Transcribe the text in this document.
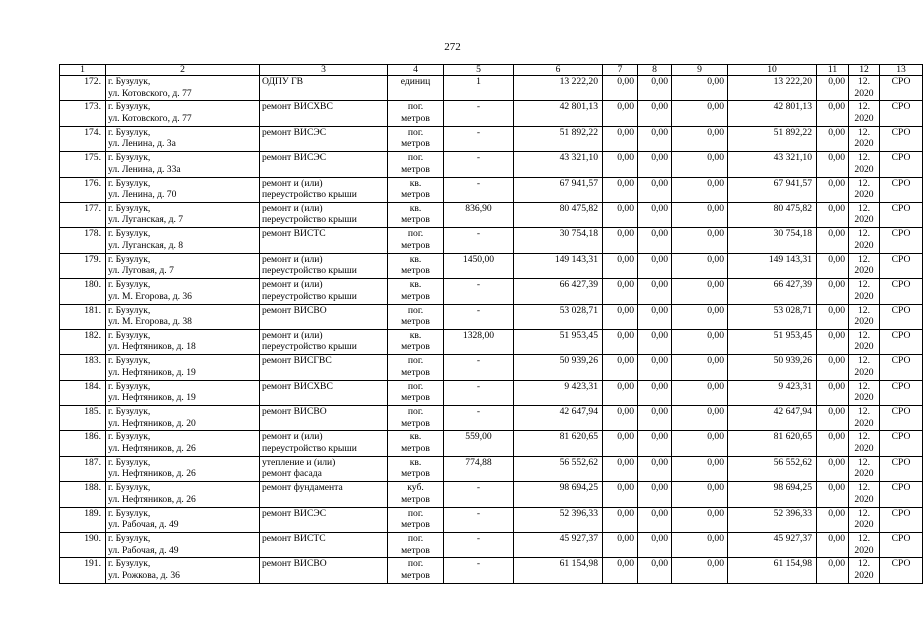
272
1	2	3	4	5	6	7	8	9	10	11	12	13

172.	г. Бузулук,
ул. Котовского, д. 77	ОДПУ ГВ	единиц	1	13 222,20	0,00	0,00	0,00	13 222,20	0,00	12.
2020	СРО

173.	г. Бузулук,
ул. Котовского, д. 77	ремонт ВИСХВС	пог.
метров	-	42 801,13	0,00	0,00	0,00	42 801,13	0,00	12.
2020	СРО

174.	г. Бузулук,
ул. Ленина, д. 3а	ремонт ВИСЭС	пог.
метров	-	51 892,22	0,00	0,00	0,00	51 892,22	0,00	12.
2020	СРО

175.	г. Бузулук,
ул. Ленина, д. 33а	ремонт ВИСЭС	пог.
метров	-	43 321,10	0,00	0,00	0,00	43 321,10	0,00	12.
2020	СРО

176.	г. Бузулук,
ул. Ленина, д. 70	ремонт и (или)
переустройство крыши	кв.
метров	-	67 941,57	0,00	0,00	0,00	67 941,57	0,00	12.
2020	СРО

177.	г. Бузулук,
ул. Луганская, д. 7	ремонт и (или)
переустройство крыши	кв.
метров	836,90	80 475,82	0,00	0,00	0,00	80 475,82	0,00	12.
2020	СРО

178.	г. Бузулук,
ул. Луганская, д. 8	ремонт ВИСТС	пог.
метров	-	30 754,18	0,00	0,00	0,00	30 754,18	0,00	12.
2020	СРО

179.	г. Бузулук,
ул. Луговая, д. 7	ремонт и (или)
переустройство крыши	кв.
метров	1450,00	149 143,31	0,00	0,00	0,00	149 143,31	0,00	12.
2020	СРО

180.	г. Бузулук,
ул. М. Егорова, д. 36	ремонт и (или)
переустройство крыши	кв.
метров	-	66 427,39	0,00	0,00	0,00	66 427,39	0,00	12.
2020	СРО

181.	г. Бузулук,
ул. М. Егорова, д. 38	ремонт ВИСВО	пог.
метров	-	53 028,71	0,00	0,00	0,00	53 028,71	0,00	12.
2020	СРО

182.	г. Бузулук,
ул. Нефтяников, д. 18	ремонт и (или)
переустройство крыши	кв.
метров	1328,00	51 953,45	0,00	0,00	0,00	51 953,45	0,00	12.
2020	СРО

183.	г. Бузулук,
ул. Нефтяников, д. 19	ремонт ВИСГВС	пог.
метров	-	50 939,26	0,00	0,00	0,00	50 939,26	0,00	12.
2020	СРО

184.	г. Бузулук,
ул. Нефтяников, д. 19	ремонт ВИСХВС	пог.
метров	-	9 423,31	0,00	0,00	0,00	9 423,31	0,00	12.
2020	СРО

185.	г. Бузулук,
ул. Нефтяников, д. 20	ремонт ВИСВО	пог.
метров	-	42 647,94	0,00	0,00	0,00	42 647,94	0,00	12.
2020	СРО

186.	г. Бузулук,
ул. Нефтяников, д. 26	ремонт и (или)
переустройство крыши	кв.
метров	559,00	81 620,65	0,00	0,00	0,00	81 620,65	0,00	12.
2020	СРО

187.	г. Бузулук,
ул. Нефтяников, д. 26	утепление и (или)
ремонт фасада	кв.
метров	774,88	56 552,62	0,00	0,00	0,00	56 552,62	0,00	12.
2020	СРО

188.	г. Бузулук,
ул. Нефтяников, д. 26	ремонт фундамента	куб.
метров	-	98 694,25	0,00	0,00	0,00	98 694,25	0,00	12.
2020	СРО

189.	г. Бузулук,
ул. Рабочая, д. 49	ремонт ВИСЭС	пог.
метров	-	52 396,33	0,00	0,00	0,00	52 396,33	0,00	12.
2020	СРО

190.	г. Бузулук,
ул. Рабочая, д. 49	ремонт ВИСТС	пог.
метров	-	45 927,37	0,00	0,00	0,00	45 927,37	0,00	12.
2020	СРО

191.	г. Бузулук,
ул. Рожкова, д. 36	ремонт ВИСВО	пог.
метров	-	61 154,98	0,00	0,00	0,00	61 154,98	0,00	12.
2020	СРО
